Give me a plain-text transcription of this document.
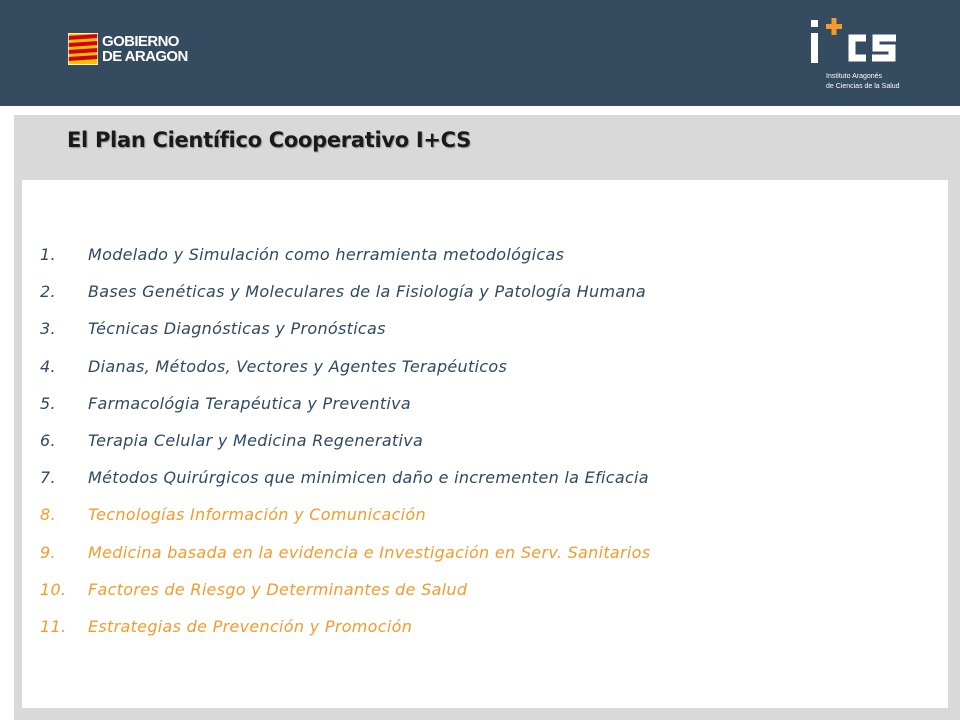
GOBIERNO
DE ARAGON
Instituto Aragonés
de Ciencias de la Salud
El Plan Científico Cooperativo I+CS
1.	Modelado y Simulación como herramienta metodológicas
2.	Bases Genéticas y Moleculares de la Fisiología y Patología Humana
3.	Técnicas Diagnósticas y Pronósticas
4.	Dianas, Métodos, Vectores y Agentes Terapéuticos
5.	Farmacológia Terapéutica y Preventiva
6.	Terapia Celular y Medicina Regenerativa
7.	Métodos Quirúrgicos que minimicen daño e incrementen la Eficacia
8.	Tecnologías Información y Comunicación
9.	Medicina basada en la evidencia e Investigación en Serv. Sanitarios
10.	Factores de Riesgo y Determinantes de Salud
11.	Estrategias de Prevención y Promoción
